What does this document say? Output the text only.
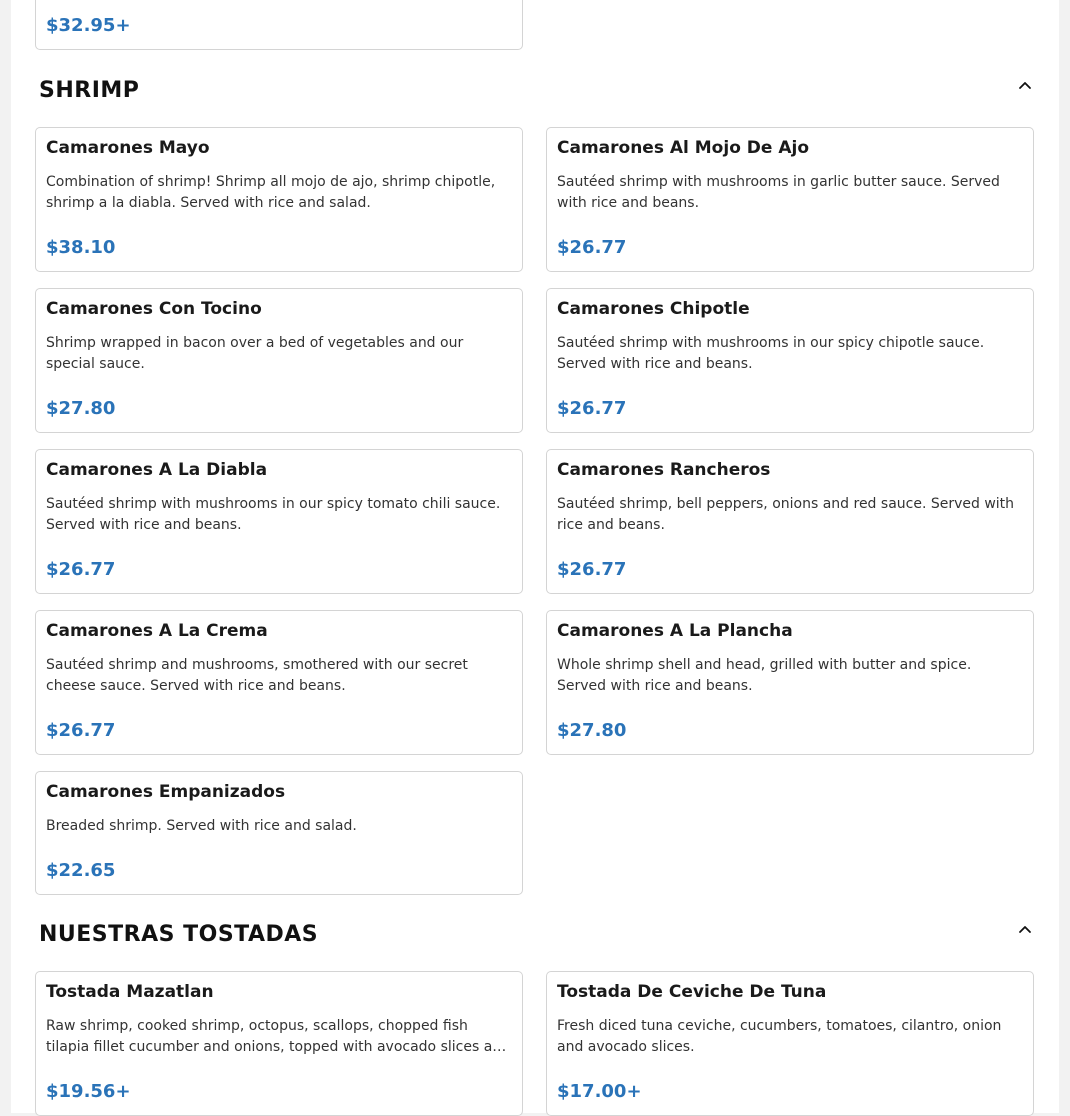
$32.95+
SHRIMP
Camarones Mayo
Combination of shrimp! Shrimp all mojo de ajo, shrimp chipotle, shrimp a la diabla. Served with rice and salad.
$38.10
Camarones Al Mojo De Ajo
Sautéed shrimp with mushrooms in garlic butter sauce. Served with rice and beans.
$26.77
Camarones Con Tocino
Shrimp wrapped in bacon over a bed of vegetables and our special sauce.
$27.80
Camarones Chipotle
Sautéed shrimp with mushrooms in our spicy chipotle sauce. Served with rice and beans.
$26.77
Camarones A La Diabla
Sautéed shrimp with mushrooms in our spicy tomato chili sauce. Served with rice and beans.
$26.77
Camarones Rancheros
Sautéed shrimp, bell peppers, onions and red sauce. Served with rice and beans.
$26.77
Camarones A La Crema
Sautéed shrimp and mushrooms, smothered with our secret cheese sauce. Served with rice and beans.
$26.77
Camarones A La Plancha
Whole shrimp shell and head, grilled with butter and spice. Served with rice and beans.
$27.80
Camarones Empanizados
Breaded shrimp. Served with rice and salad.
$22.65
NUESTRAS TOSTADAS
Tostada Mazatlan
Raw shrimp, cooked shrimp, octopus, scallops, chopped fish tilapia fillet cucumber and onions, topped with avocado slices a…
$19.56+
Tostada De Ceviche De Tuna
Fresh diced tuna ceviche, cucumbers, tomatoes, cilantro, onion and avocado slices.
$17.00+
